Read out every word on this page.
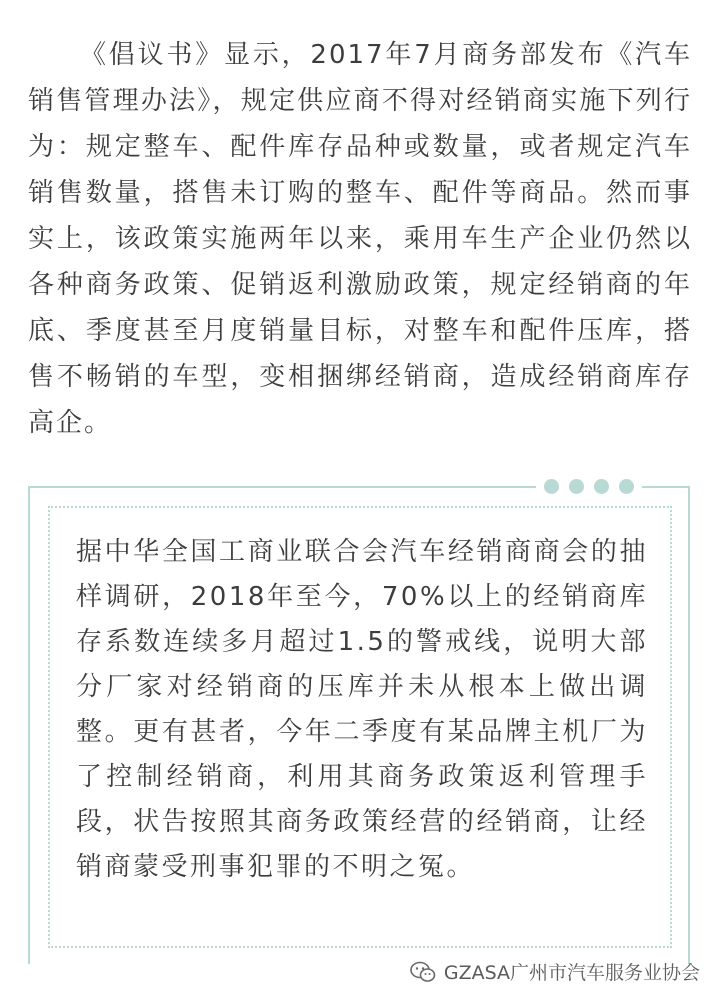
《倡议书》显示，2017年7月商务部发布《汽车销售管理办法》，规定供应商不得对经销商实施下列行为：规定整车、配件库存品种或数量，或者规定汽车销售数量，搭售未订购的整车、配件等商品。然而事实上，该政策实施两年以来，乘用车生产企业仍然以各种商务政策、促销返利激励政策，规定经销商的年底、季度甚至月度销量目标，对整车和配件压库，搭售不畅销的车型，变相捆绑经销商，造成经销商库存高企。

据中华全国工商业联合会汽车经销商商会的抽样调研，2018年至今，70%以上的经销商库存系数连续多月超过1.5的警戒线，说明大部分厂家对经销商的压库并未从根本上做出调整。更有甚者，今年二季度有某品牌主机厂为了控制经销商，利用其商务政策返利管理手段，状告按照其商务政策经营的经销商，让经销商蒙受刑事犯罪的不明之冤。

GZASA广州市汽车服务业协会
